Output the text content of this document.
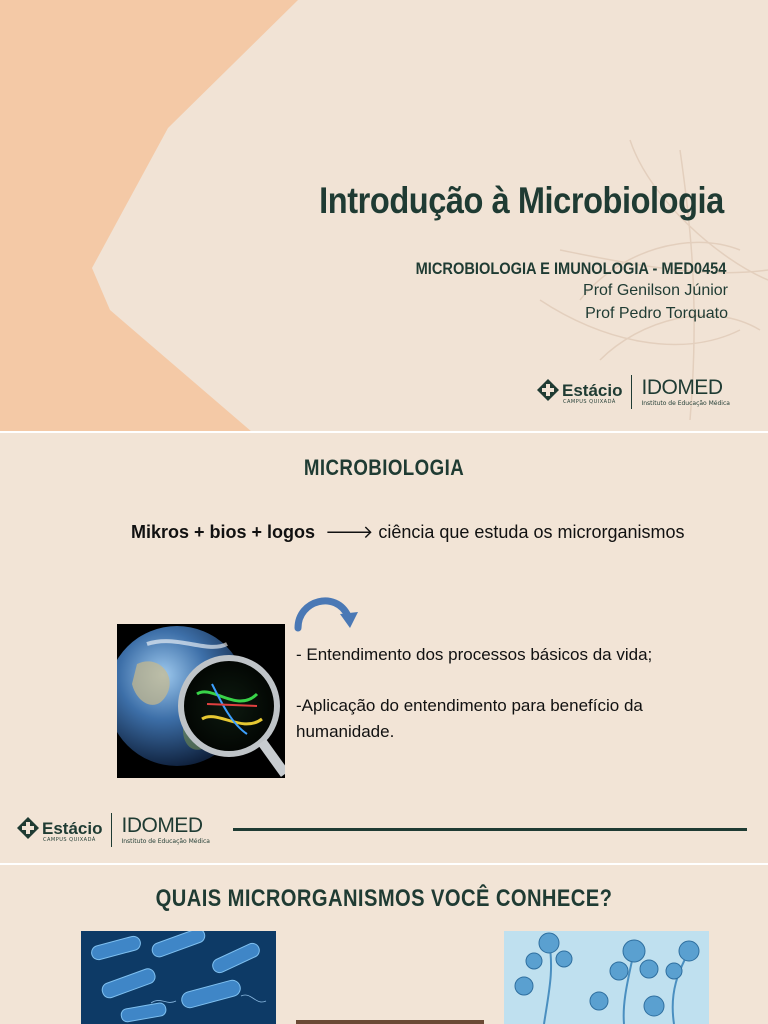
Introdução à Microbiologia
MICROBIOLOGIA E IMUNOLOGIA - MED0454
Prof Genilson Júnior
Prof Pedro Torquato
Estácio
CAMPUS QUIXADÁ
IDOMED
Instituto de Educação Médica
MICROBIOLOGIA
Mikros + bios + logos  🡒 ciência que estuda os microrganismos
- Entendimento dos processos básicos da vida;
-Aplicação do entendimento para benefício da humanidade.
Estácio
CAMPUS QUIXADÁ
IDOMED
Instituto de Educação Médica
QUAIS MICRORGANISMOS VOCÊ CONHECE?
